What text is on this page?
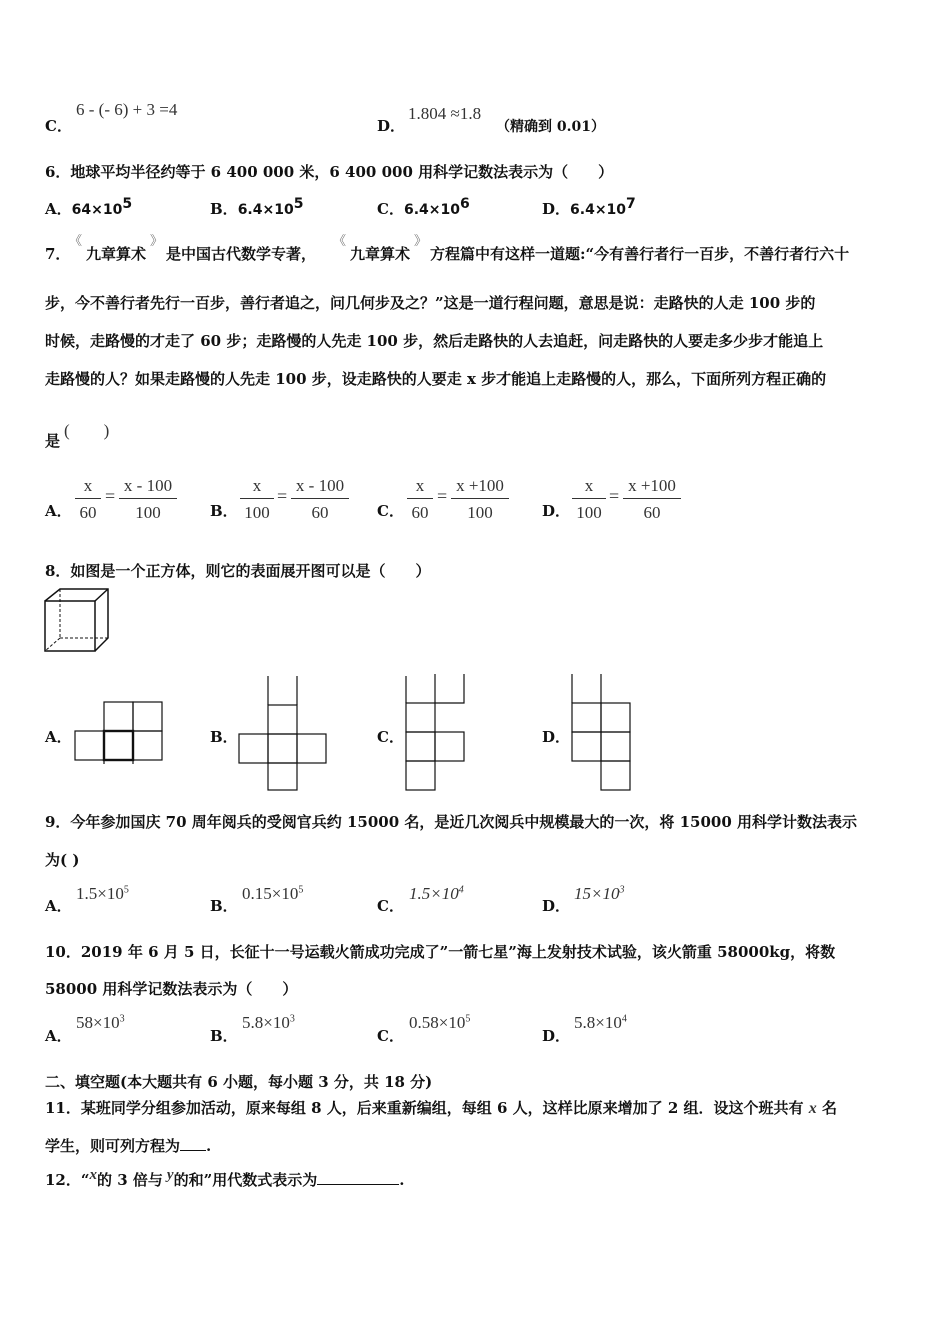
C．
6 - (- 6) + 3 =4
D．
1.804 ≈1.8
（精确到 0.01）
6．地球平均半径约等于 6 400 000 米，6 400 000 用科学记数法表示为（　　）
A．$64\times 10^5$	B．$6.4\times 10^5$	C．$6.4\times 10^6$	D．$6.4\times 10^7$
7．
《
九章算术
》
是中国古代数学专著，
《
九章算术
》
方程篇中有这样一道题:“今有善行者行一百步，不善行者行六十
步，今不善行者先行一百步，善行者追之，问几何步及之？”这是一道行程问题，意思是说：走路快的人走 100 步的
时候，走路慢的才走了 60 步；走路慢的人先走 100 步，然后走路快的人去追赶，问走路快的人要走多少步才能追上
走路慢的人？如果走路慢的人先走 100 步，设走路快的人要走 x 步才能追上走路慢的人，那么，下面所列方程正确的
是
(　　)
A． $\frac{x}{60} = \frac{x - 100}{100}$ B． $\frac{x}{100} = \frac{x - 100}{60}$ C． $\frac{x}{60} = \frac{x +100}{100}$ D． $\frac{x}{100} = \frac{x +100}{60}$
8．如图是一个正方体，则它的表面展开图可以是（　　）
A．	B．	C．	D．
9．今年参加国庆 70 周年阅兵的受阅官兵约 15000 名，是近几次阅兵中规模最大的一次，将 15000 用科学计数法表示
为( )
A．
$1.5\times 10^5$
B．
$0.15\times 10^5$
C．
$1.5\times 10^4$
D．
$15\times 10^3$
10．2019 年 6 月 5 日，长征十一号运载火箭成功完成了”一箭七星”海上发射技术试验，该火箭重 58000kg，将数
58000 用科学记数法表示为（　　）
A．
$58\times 10^3$
B．
$5.8\times 10^3$
C．
$0.58\times 10^5$
D．
$5.8\times 10^4$
二、填空题(本大题共有 6 小题，每小题 3 分，共 18 分)
11．某班同学分组参加活动，原来每组 8 人，后来重新编组，每组 6 人，这样比原来增加了 2 组．设这个班共有 x 名
学生，则可列方程为 .
12．“x的 3 倍与 y的和”用代数式表示为	.
